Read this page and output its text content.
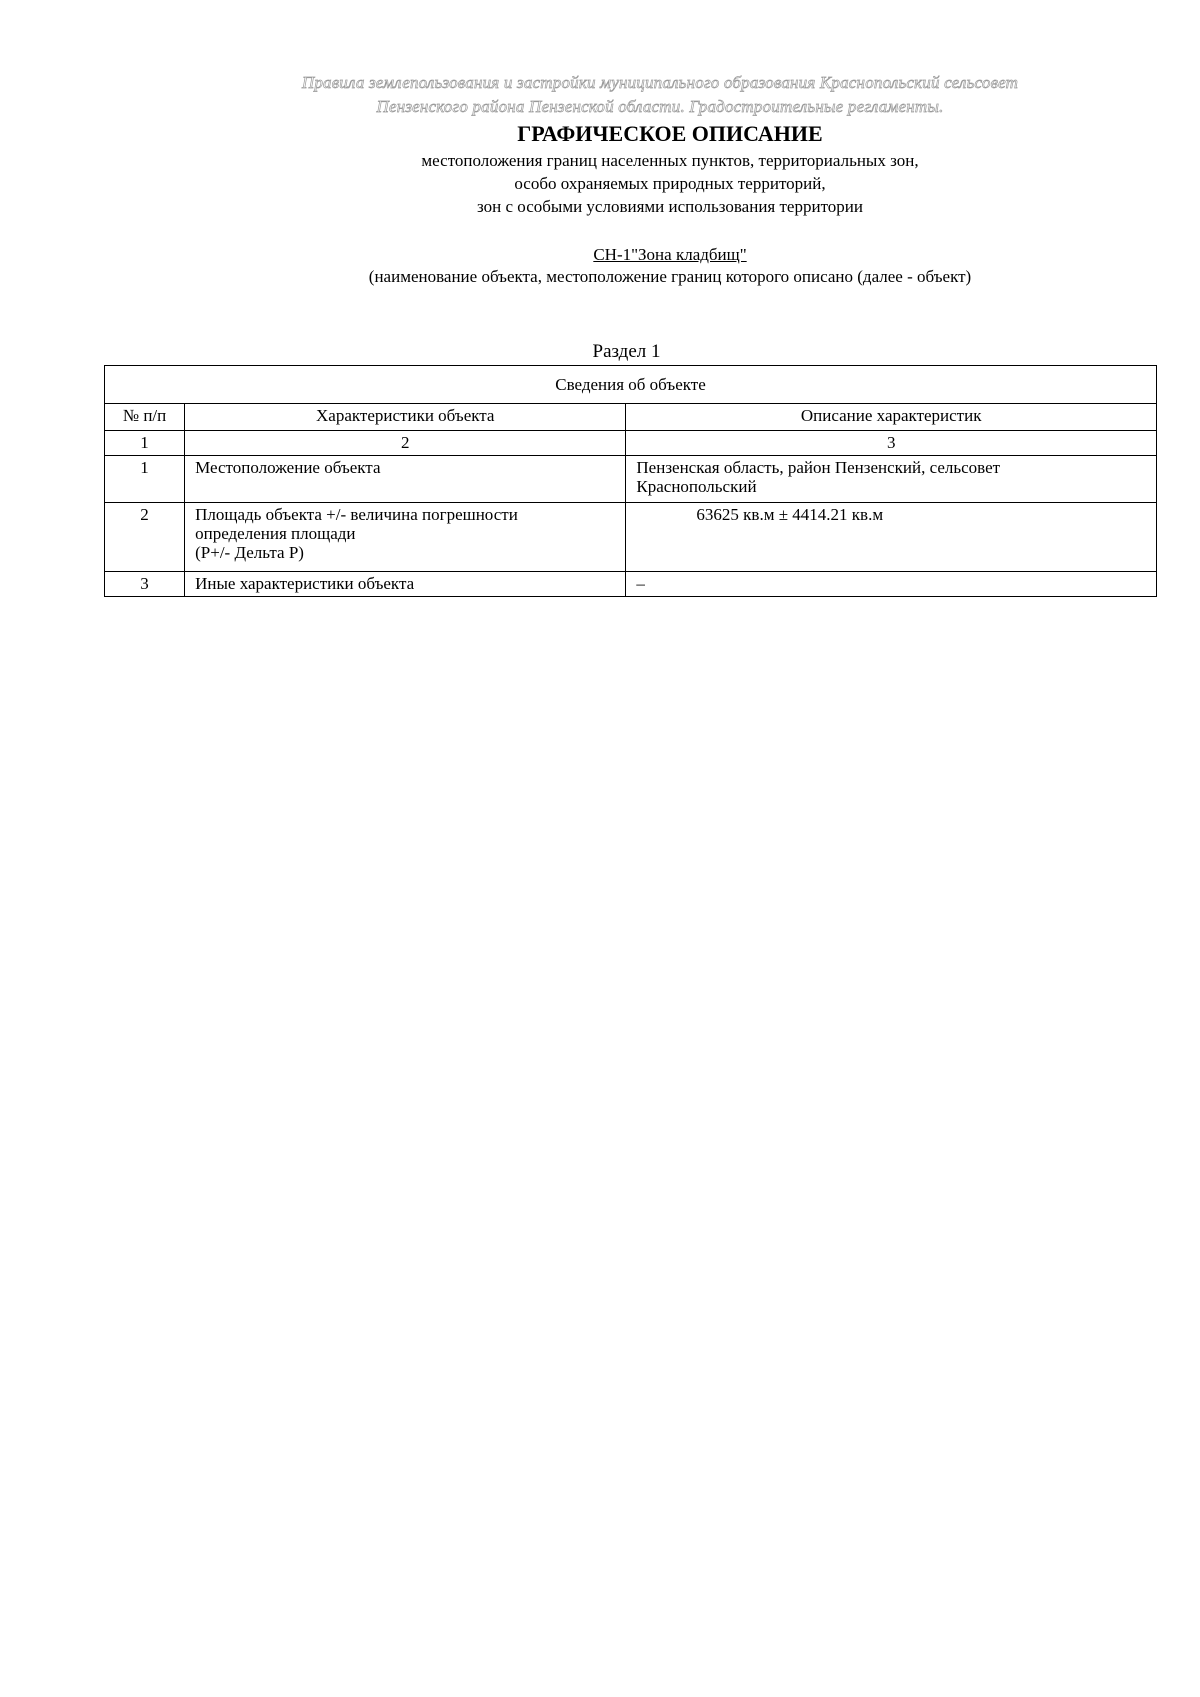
Правила землепользования и застройки муниципального образования Краснопольский сельсовет
Пензенского района Пензенской области. Градостроительные регламенты.
ГРАФИЧЕСКОЕ ОПИСАНИЕ
местоположения границ населенных пунктов, территориальных зон,
особо охраняемых природных территорий,
зон с особыми условиями использования территории
СН-1"Зона кладбищ"
(наименование объекта, местоположение границ которого описано (далее - объект)
Раздел 1
Сведения об объекте		
№ п/п	Характеристики объекта	Описание характеристик
1	2	3
1	Местоположение объекта	Пензенская область, район Пензенский, сельсовет
Краснопольский

2	Площадь объекта +/- величина погрешности
определения площади
(P+/- Дельта P)	63625 кв.м ± 4414.21 кв.м
3	Иные характеристики объекта	–
